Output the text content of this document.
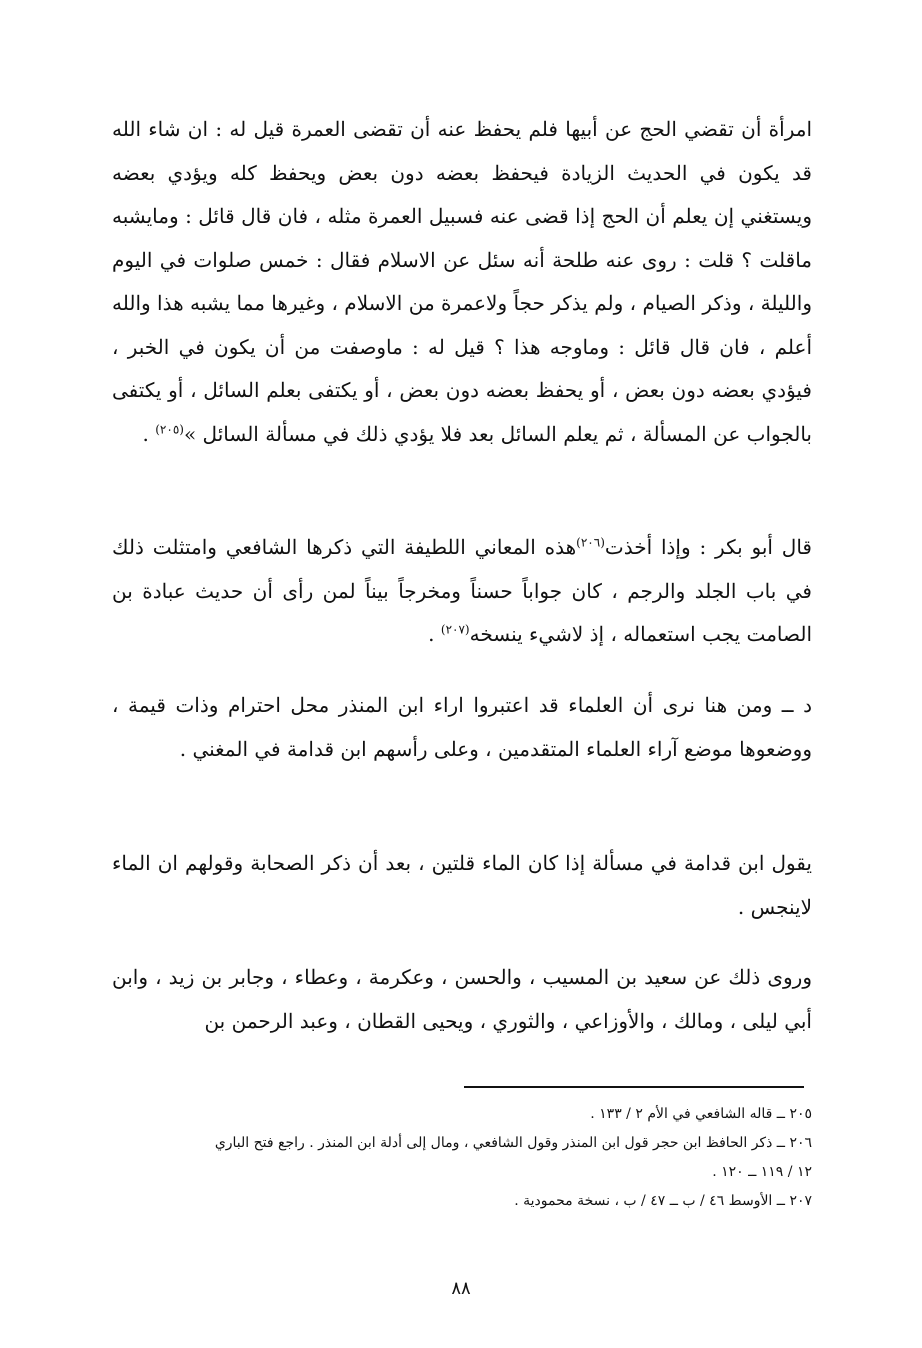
امرأة أن تقضي الحج عن أبيها فلم يحفظ عنه أن تقضى العمرة قيل له : ان شاء الله قد يكون في الحديث الزيادة فيحفظ بعضه دون بعض ويحفظ كله ويؤدي بعضه ويستغني إن يعلم أن الحج إذا قضى عنه فسبيل العمرة مثله ، فان قال قائل : ومايشبه ماقلت ؟ قلت : روى عنه طلحة أنه سئل عن الاسلام فقال : خمس صلوات في اليوم والليلة ، وذكر الصيام ، ولم يذكر حجاً ولاعمرة من الاسلام ، وغيرها مما يشبه هذا والله أعلم ، فان قال قائل : وماوجه هذا ؟ قيل له : ماوصفت من أن يكون في الخبر ، فيؤدي بعضه دون بعض ، أو يحفظ بعضه دون بعض ، أو يكتفى بعلم السائل ، أو يكتفى بالجواب عن المسألة ، ثم يعلم السائل بعد فلا يؤدي ذلك في مسألة السائل »$^{(٢٠٥)}$ .

قال أبو بكر : وإذا أخذت$^{(٢٠٦)}$هذه المعاني اللطيفة التي ذكرها الشافعي وامتثلت ذلك في باب الجلد والرجم ، كان جواباً حسناً ومخرجاً بيناً لمن رأى أن حديث عبادة بن الصامت يجب استعماله ، إذ لاشيء ينسخه$^{(٢٠٧)}$ .

د ــ ومن هنا نرى أن العلماء قد اعتبروا اراء ابن المنذر محل احترام وذات قيمة ، ووضعوها موضع آراء العلماء المتقدمين ، وعلى رأسهم ابن قدامة في المغني .

يقول ابن قدامة في مسألة إذا كان الماء قلتين ، بعد أن ذكر الصحابة وقولهم ان الماء لاينجس .

وروى ذلك عن سعيد بن المسيب ، والحسن ، وعكرمة ، وعطاء ، وجابر بن زيد ، وابن أبي ليلى ، ومالك ، والأوزاعي ، والثوري ، ويحيى القطان ، وعبد الرحمن بن

٢٠٥ ــ قاله الشافعي في الأم ٢ / ١٣٣ .

٢٠٦ ــ ذكر الحافظ ابن حجر قول ابن المنذر وقول الشافعي ، ومال إلى أدلة ابن المنذر . راجع فتح الباري

١٢ / ١١٩ ــ ١٢٠ .

٢٠٧ ــ الأوسط ٤٦ / ب ــ ٤٧ / ب ، نسخة محمودية .

٨٨
